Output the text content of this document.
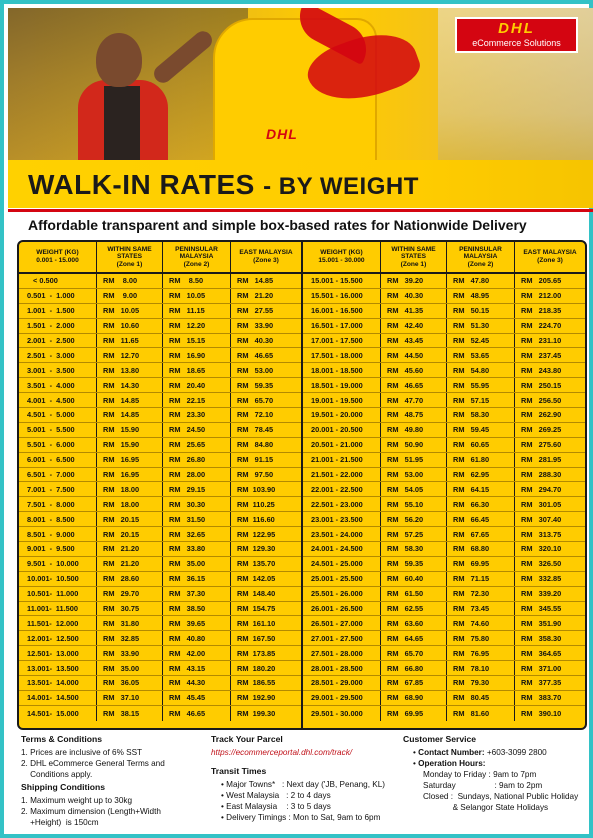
DHL
DHL
eCommerce Solutions
WALK-IN RATES - BY WEIGHT
Affordable transparent and simple box-based rates for Nationwide Delivery
WEIGHT (KG)
0.001 - 15.000
WITHIN SAME
STATES
(Zone 1)
PENINSULAR
MALAYSIA
(Zone 2)
EAST MALAYSIA
(Zone 3)
< 0.500	RM    8.00	RM    8.50	RM   14.85
0.501  -  1.000	RM    9.00	RM   10.05	RM   21.20
1.001  -  1.500	RM   10.05	RM   11.15	RM   27.55
1.501  -  2.000	RM   10.60	RM   12.20	RM   33.90
2.001  -  2.500	RM   11.65	RM   15.15	RM   40.30
2.501  -  3.000	RM   12.70	RM   16.90	RM   46.65
3.001  -  3.500	RM   13.80	RM   18.65	RM   53.00
3.501  -  4.000	RM   14.30	RM   20.40	RM   59.35
4.001  -  4.500	RM   14.85	RM   22.15	RM   65.70
4.501  -  5.000	RM   14.85	RM   23.30	RM   72.10
5.001  -  5.500	RM   15.90	RM   24.50	RM   78.45
5.501  -  6.000	RM   15.90	RM   25.65	RM   84.80
6.001  -  6.500	RM   16.95	RM   26.80	RM   91.15
6.501  -  7.000	RM   16.95	RM   28.00	RM   97.50
7.001  -  7.500	RM   18.00	RM   29.15	RM  103.90
7.501  -  8.000	RM   18.00	RM   30.30	RM  110.25
8.001  -  8.500	RM   20.15	RM   31.50	RM  116.60
8.501  -  9.000	RM   20.15	RM   32.65	RM  122.95
9.001  -  9.500	RM   21.20	RM   33.80	RM  129.30
9.501  -  10.000	RM   21.20	RM   35.00	RM  135.70
10.001-  10.500	RM   28.60	RM   36.15	RM  142.05
10.501-  11.000	RM   29.70	RM   37.30	RM  148.40
11.001-  11.500	RM   30.75	RM   38.50	RM  154.75
11.501-  12.000	RM   31.80	RM   39.65	RM  161.10
12.001-  12.500	RM   32.85	RM   40.80	RM  167.50
12.501-  13.000	RM   33.90	RM   42.00	RM  173.85
13.001-  13.500	RM   35.00	RM   43.15	RM  180.20
13.501-  14.000	RM   36.05	RM   44.30	RM  186.55
14.001-  14.500	RM   37.10	RM   45.45	RM  192.90
14.501-  15.000	RM   38.15	RM   46.65	RM  199.30
WEIGHT (KG)
15.001 - 30.000
WITHIN SAME
STATES
(Zone 1)
PENINSULAR
MALAYSIA
(Zone 2)
EAST MALAYSIA
(Zone 3)
15.001 - 15.500	RM   39.20	RM   47.80	RM   205.65
15.501 - 16.000	RM   40.30	RM   48.95	RM   212.00
16.001 - 16.500	RM   41.35	RM   50.15	RM   218.35
16.501 - 17.000	RM   42.40	RM   51.30	RM   224.70
17.001 - 17.500	RM   43.45	RM   52.45	RM   231.10
17.501 - 18.000	RM   44.50	RM   53.65	RM   237.45
18.001 - 18.500	RM   45.60	RM   54.80	RM   243.80
18.501 - 19.000	RM   46.65	RM   55.95	RM   250.15
19.001 - 19.500	RM   47.70	RM   57.15	RM   256.50
19.501 - 20.000	RM   48.75	RM   58.30	RM   262.90
20.001 - 20.500	RM   49.80	RM   59.45	RM   269.25
20.501 - 21.000	RM   50.90	RM   60.65	RM   275.60
21.001 - 21.500	RM   51.95	RM   61.80	RM   281.95
21.501 - 22.000	RM   53.00	RM   62.95	RM   288.30
22.001 - 22.500	RM   54.05	RM   64.15	RM   294.70
22.501 - 23.000	RM   55.10	RM   66.30	RM   301.05
23.001 - 23.500	RM   56.20	RM   66.45	RM   307.40
23.501 - 24.000	RM   57.25	RM   67.65	RM   313.75
24.001 - 24.500	RM   58.30	RM   68.80	RM   320.10
24.501 - 25.000	RM   59.35	RM   69.95	RM   326.50
25.001 - 25.500	RM   60.40	RM   71.15	RM   332.85
25.501 - 26.000	RM   61.50	RM   72.30	RM   339.20
26.001 - 26.500	RM   62.55	RM   73.45	RM   345.55
26.501 - 27.000	RM   63.60	RM   74.60	RM   351.90
27.001 - 27.500	RM   64.65	RM   75.80	RM   358.30
27.501 - 28.000	RM   65.70	RM   76.95	RM   364.65
28.001 - 28.500	RM   66.80	RM   78.10	RM   371.00
28.501 - 29.000	RM   67.85	RM   79.30	RM   377.35
29.001 - 29.500	RM   68.90	RM   80.45	RM   383.70
29.501 - 30.000	RM   69.95	RM   81.60	RM   390.10
Terms & Conditions
1. Prices are inclusive of 6% SST
2. DHL eCommerce General Terms and
Conditions apply.
Shipping Conditions
1. Maximum weight up to 30kg
2. Maximum dimension (Length+Width
+Height)  is 150cm
Track Your Parcel
https://ecommerceportal.dhl.com/track/
Transit Times
• Major Towns*   : Next day ('JB, Penang, KL)
• West Malaysia   : 2 to 4 days
• East Malaysia    : 3 to 5 days
• Delivery Timings : Mon to Sat, 9am to 6pm
Customer Service
• Contact Number: +603-3099 2800
• Operation Hours:
Monday to Friday : 9am to 7pm
Saturday                 : 9am to 2pm
Closed :  Sundays, National Public Holiday
& Selangor State Holidays
